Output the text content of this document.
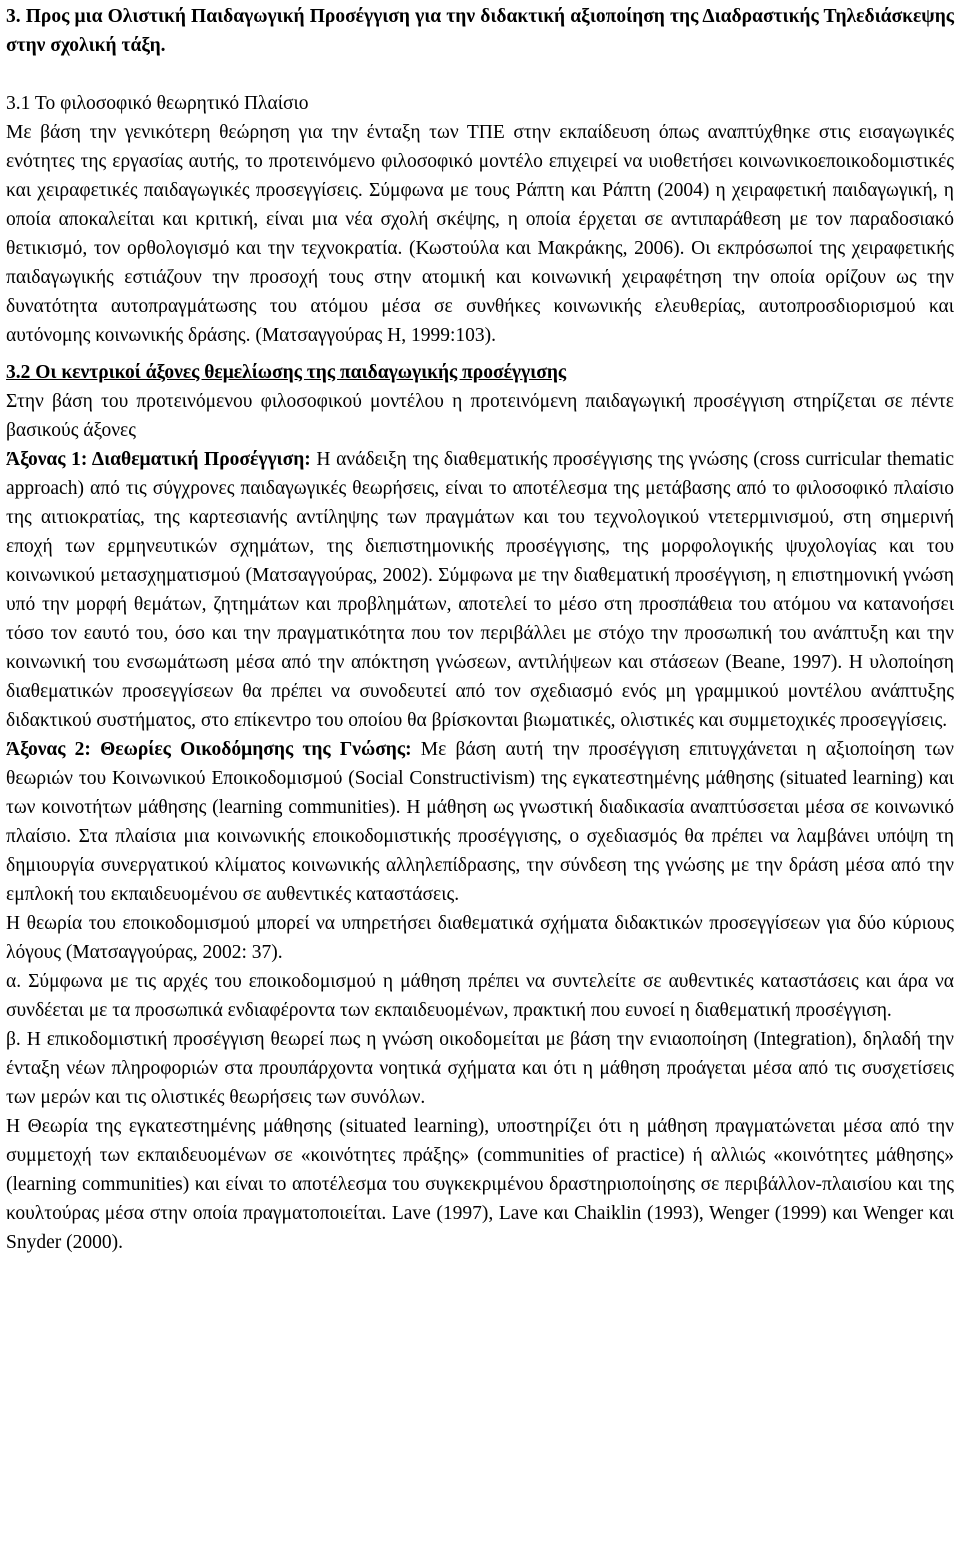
3. Προς μια Ολιστική Παιδαγωγική Προσέγγιση για την διδακτική αξιοποίηση της Διαδραστικής Τηλεδιάσκεψης στην σχολική τάξη.
3.1 Το φιλοσοφικό θεωρητικό Πλαίσιο
Με βάση την γενικότερη θεώρηση για την ένταξη των ΤΠΕ στην εκπαίδευση όπως αναπτύχθηκε στις εισαγωγικές ενότητες της εργασίας αυτής, το προτεινόμενο φιλοσοφικό μοντέλο επιχειρεί να υιοθετήσει κοινωνικοεποικοδομιστικές και χειραφετικές παιδαγωγικές προσεγγίσεις. Σύμφωνα με τους Ράπτη και Ράπτη (2004) η χειραφετική παιδαγωγική, η οποία αποκαλείται και κριτική, είναι μια νέα σχολή σκέψης, η οποία έρχεται σε αντιπαράθεση με τον παραδοσιακό θετικισμό, τον ορθολογισμό και την τεχνοκρατία. (Κωστούλα και Μακράκης, 2006). Οι εκπρόσωποί της χειραφετικής παιδαγωγικής εστιάζουν την προσοχή τους στην ατομική και κοινωνική χειραφέτηση την οποία ορίζουν ως την δυνατότητα αυτοπραγμάτωσης του ατόμου μέσα σε συνθήκες κοινωνικής ελευθερίας, αυτοπροσδιορισμού και αυτόνομης κοινωνικής δράσης. (Ματσαγγούρας Η, 1999:103).
3.2 Οι κεντρικοί άξονες θεμελίωσης της παιδαγωγικής προσέγγισης
Στην βάση του προτεινόμενου φιλοσοφικού μοντέλου η προτεινόμενη παιδαγωγική προσέγγιση στηρίζεται σε πέντε βασικούς άξονες
Άξονας 1: Διαθεματική Προσέγγιση: Η ανάδειξη της διαθεματικής προσέγγισης της γνώσης (cross curricular thematic approach) από τις σύγχρονες παιδαγωγικές θεωρήσεις, είναι το αποτέλεσμα της μετάβασης από το φιλοσοφικό πλαίσιο της αιτιοκρατίας, της καρτεσιανής αντίληψης των πραγμάτων και του τεχνολογικού ντετερμινισμού, στη σημερινή εποχή των ερμηνευτικών σχημάτων, της διεπιστημονικής προσέγγισης, της μορφολογικής ψυχολογίας και του κοινωνικού μετασχηματισμού (Ματσαγγούρας, 2002). Σύμφωνα με την διαθεματική προσέγγιση, η επιστημονική γνώση υπό την μορφή θεμάτων, ζητημάτων και προβλημάτων, αποτελεί το μέσο στη προσπάθεια του ατόμου να κατανοήσει τόσο τον εαυτό του, όσο και την πραγματικότητα που τον περιβάλλει με στόχο την προσωπική του ανάπτυξη και την κοινωνική του ενσωμάτωση μέσα από την απόκτηση γνώσεων, αντιλήψεων και στάσεων (Beane, 1997). Η υλοποίηση διαθεματικών προσεγγίσεων θα πρέπει να συνοδευτεί από τον σχεδιασμό ενός μη γραμμικού μοντέλου ανάπτυξης διδακτικού συστήματος, στο επίκεντρο του οποίου θα βρίσκονται βιωματικές, ολιστικές και συμμετοχικές προσεγγίσεις.
Άξονας 2: Θεωρίες Οικοδόμησης της Γνώσης: Με βάση αυτή την προσέγγιση επιτυγχάνεται η αξιοποίηση των θεωριών του Κοινωνικού Εποικοδομισμού (Social Constructivism) της εγκατεστημένης μάθησης (situated learning) και των κοινοτήτων μάθησης (learning communities). Η μάθηση ως γνωστική διαδικασία αναπτύσσεται μέσα σε κοινωνικό πλαίσιο. Στα πλαίσια μια κοινωνικής εποικοδομιστικής προσέγγισης, ο σχεδιασμός θα πρέπει να λαμβάνει υπόψη τη δημιουργία συνεργατικού κλίματος κοινωνικής αλληλεπίδρασης, την σύνδεση της γνώσης με την δράση μέσα από την εμπλοκή του εκπαιδευομένου σε αυθεντικές καταστάσεις.
Η θεωρία του εποικοδομισμού μπορεί να υπηρετήσει διαθεματικά σχήματα διδακτικών προσεγγίσεων για δύο κύριους λόγους (Ματσαγγούρας, 2002: 37).
α. Σύμφωνα με τις αρχές του εποικοδομισμού η μάθηση πρέπει να συντελείτε σε αυθεντικές καταστάσεις και άρα να συνδέεται με τα προσωπικά ενδιαφέροντα των εκπαιδευομένων, πρακτική που ευνοεί η διαθεματική προσέγγιση.
β. Η επικοδομιστική προσέγγιση θεωρεί πως η γνώση οικοδομείται με βάση την ενιαοποίηση (Integration), δηλαδή την ένταξη νέων πληροφοριών στα προυπάρχοντα νοητικά σχήματα και ότι η μάθηση προάγεται μέσα από τις συσχετίσεις των μερών και τις ολιστικές θεωρήσεις των συνόλων.
Η Θεωρία της εγκατεστημένης μάθησης (situated learning), υποστηρίζει ότι η μάθηση πραγματώνεται μέσα από την συμμετοχή των εκπαιδευομένων σε «κοινότητες πράξης» (communities of practice) ή αλλιώς «κοινότητες μάθησης» (learning communities) και είναι το αποτέλεσμα του συγκεκριμένου δραστηριοποίησης σε περιβάλλον-πλαισίου και της κουλτούρας μέσα στην οποία πραγματοποιείται. Lave (1997), Lave και Chaiklin (1993), Wenger (1999) και Wenger και Snyder (2000).
